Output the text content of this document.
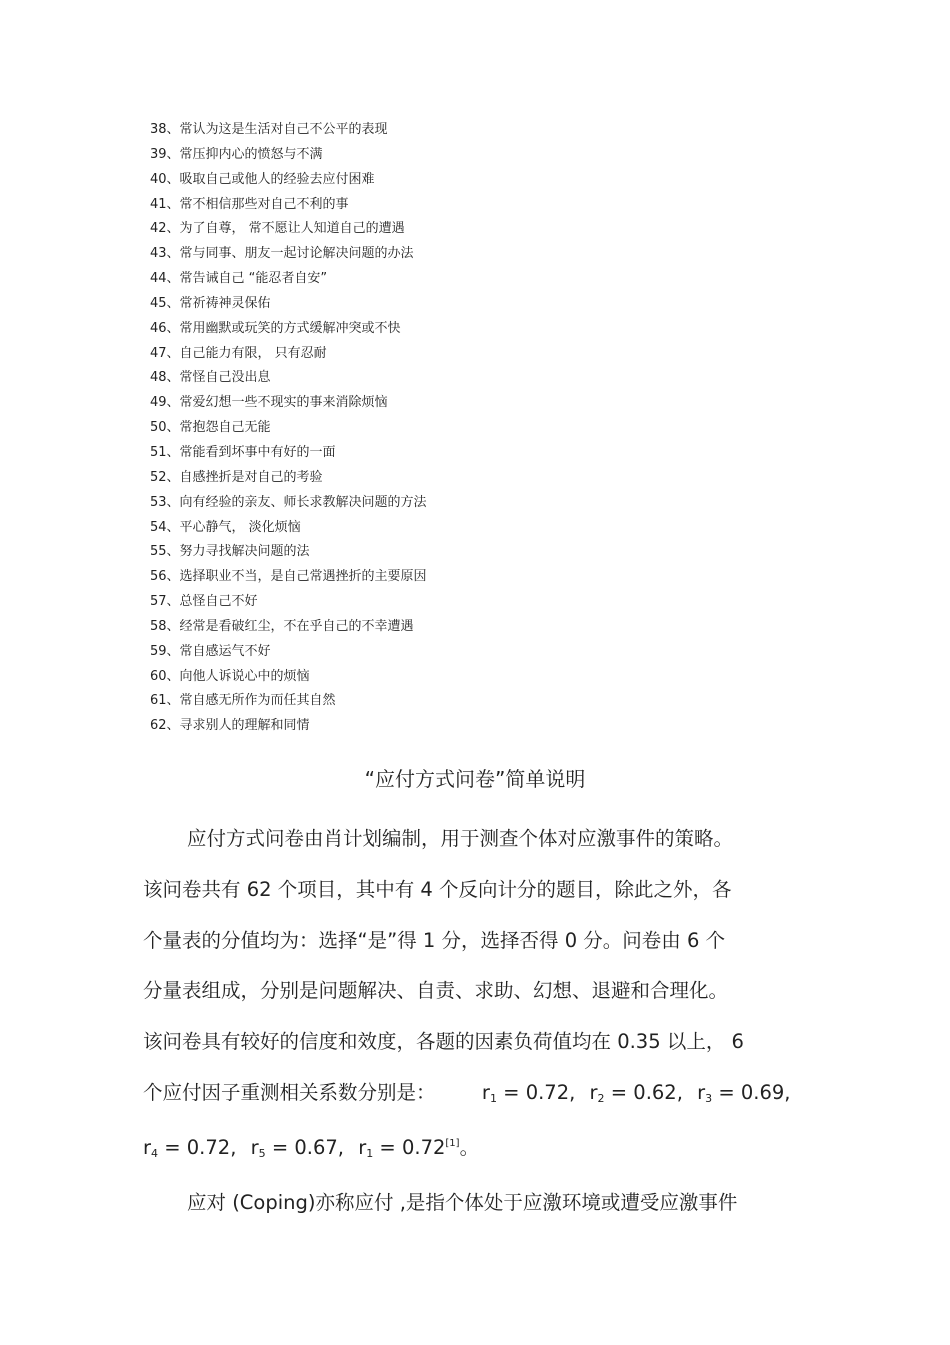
38、常认为这是生活对自己不公平的表现
39、常压抑内心的愤怒与不满
40、吸取自己或他人的经验去应付困难
41、常不相信那些对自己不利的事
42、为了自尊， 常不愿让人知道自己的遭遇
43、常与同事、朋友一起讨论解决问题的办法
44、常告诫自己 “能忍者自安”
45、常祈祷神灵保佑
46、常用幽默或玩笑的方式缓解冲突或不快
47、自己能力有限， 只有忍耐
48、常怪自己没出息
49、常爱幻想一些不现实的事来消除烦恼
50、常抱怨自己无能
51、常能看到坏事中有好的一面
52、自感挫折是对自己的考验
53、向有经验的亲友、师长求教解决问题的方法
54、平心静气， 淡化烦恼
55、努力寻找解决问题的法
56、选择职业不当，是自己常遇挫折的主要原因
57、总怪自己不好
58、经常是看破红尘，不在乎自己的不幸遭遇
59、常自感运气不好
60、向他人诉说心中的烦恼
61、常自感无所作为而任其自然
62、寻求别人的理解和同情
“应付方式问卷”简单说明
应付方式问卷由肖计划编制，用于测查个体对应激事件的策略。
该问卷共有 62 个项目，其中有 4 个反向计分的题目，除此之外，各
个量表的分值均为：选择“是”得 1 分，选择否得 0 分。问卷由 6 个
分量表组成，分别是问题解决、自责、求助、幻想、退避和合理化。
该问卷具有较好的信度和效度，各题的因素负荷值均在 0.35 以上， 6
个应付因子重测相关系数分别是： $r_1 = 0.72$, $r_2 = 0.62$, $r_3 = 0.69$,
$r_4 = 0.72$, $r_5 = 0.67$, $r_1 = 0.72[1]$。
应对 (Coping)亦称应付 ,是指个体处于应激环境或遭受应激事件
